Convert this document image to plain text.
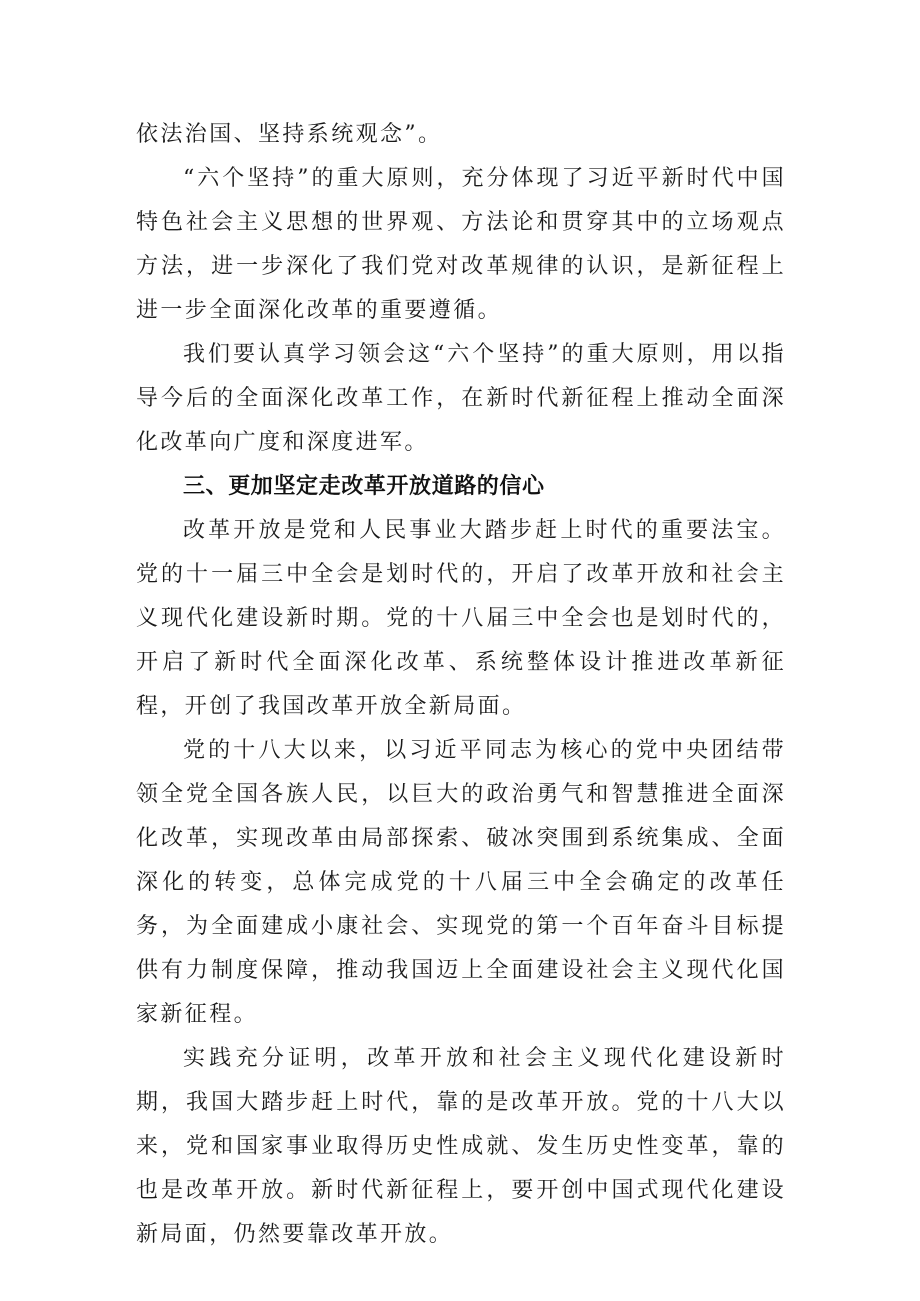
依法治国、坚持系统观念”。

“六个坚持”的重大原则，充分体现了习近平新时代中国特色社会主义思想的世界观、方法论和贯穿其中的立场观点方法，进一步深化了我们党对改革规律的认识，是新征程上进一步全面深化改革的重要遵循。

我们要认真学习领会这“六个坚持”的重大原则，用以指导今后的全面深化改革工作，在新时代新征程上推动全面深化改革向广度和深度进军。

三、更加坚定走改革开放道路的信心

改革开放是党和人民事业大踏步赶上时代的重要法宝。党的十一届三中全会是划时代的，开启了改革开放和社会主义现代化建设新时期。党的十八届三中全会也是划时代的，开启了新时代全面深化改革、系统整体设计推进改革新征程，开创了我国改革开放全新局面。

党的十八大以来，以习近平同志为核心的党中央团结带领全党全国各族人民，以巨大的政治勇气和智慧推进全面深化改革，实现改革由局部探索、破冰突围到系统集成、全面深化的转变，总体完成党的十八届三中全会确定的改革任务，为全面建成小康社会、实现党的第一个百年奋斗目标提供有力制度保障，推动我国迈上全面建设社会主义现代化国家新征程。

实践充分证明，改革开放和社会主义现代化建设新时期，我国大踏步赶上时代，靠的是改革开放。党的十八大以来，党和国家事业取得历史性成就、发生历史性变革，靠的也是改革开放。新时代新征程上，要开创中国式现代化建设新局面，仍然要靠改革开放。
